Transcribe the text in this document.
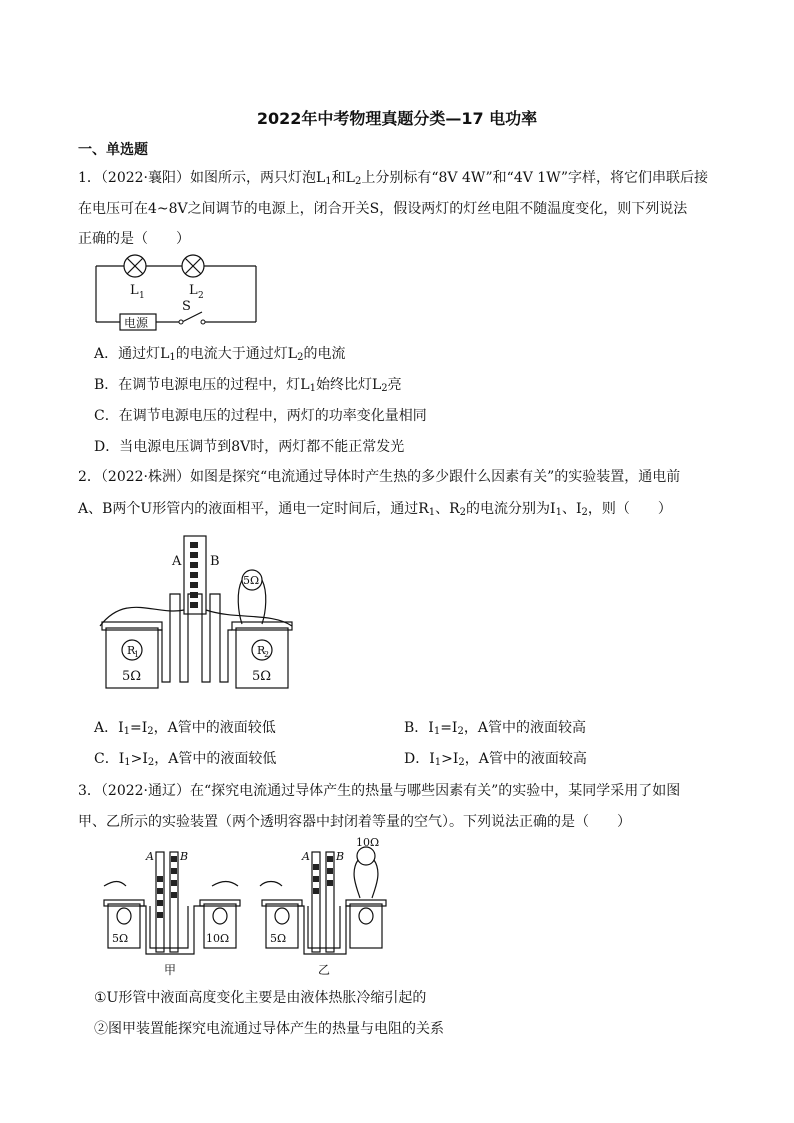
2022年中考物理真题分类—17 电功率
一、单选题
1．（2022·襄阳）如图所示，两只灯泡$L_1$和$L_2$上分别标有“8V 4W”和“4V 1W”字样，将它们串联后接
在电压可在4~8V之间调节的电源上，闭合开关S，假设两灯的灯丝电阻不随温度变化，则下列说法
正确的是（　　）
L 1	L 2
S
电源
A．通过灯$L_1$的电流大于通过灯$L_2$的电流
B．在调节电源电压的过程中，灯$L_1$始终比灯$L_2$亮
C．在调节电源电压的过程中，两灯的功率变化量相同
D．当电源电压调节到8V时，两灯都不能正常发光
2．（2022·株洲）如图是探究“电流通过导体时产生热的多少跟什么因素有关”的实验装置，通电前
A、B两个U形管内的液面相平，通电一定时间后，通过$R_1$、$R_2$的电流分别为$I_1$、$I_2$，则（　　）
A B
5Ω
R
1	R
2
5Ω	5Ω
A．$I_1=I_2$，A管中的液面较低	B．$I_1=I_2$，A管中的液面较高
C．$I_1>I_2$，A管中的液面较低	D．$I_1>I_2$，A管中的液面较高
3．（2022·通辽）在“探究电流通过导体产生的热量与哪些因素有关”的实验中，某同学采用了如图
甲、乙所示的实验装置（两个透明容器中封闭着等量的空气）。下列说法正确的是（　　）
A B	A B
5Ω	10Ω	5Ω
10Ω
甲	乙
①U形管中液面高度变化主要是由液体热胀冷缩引起的
②图甲装置能探究电流通过导体产生的热量与电阻的关系
